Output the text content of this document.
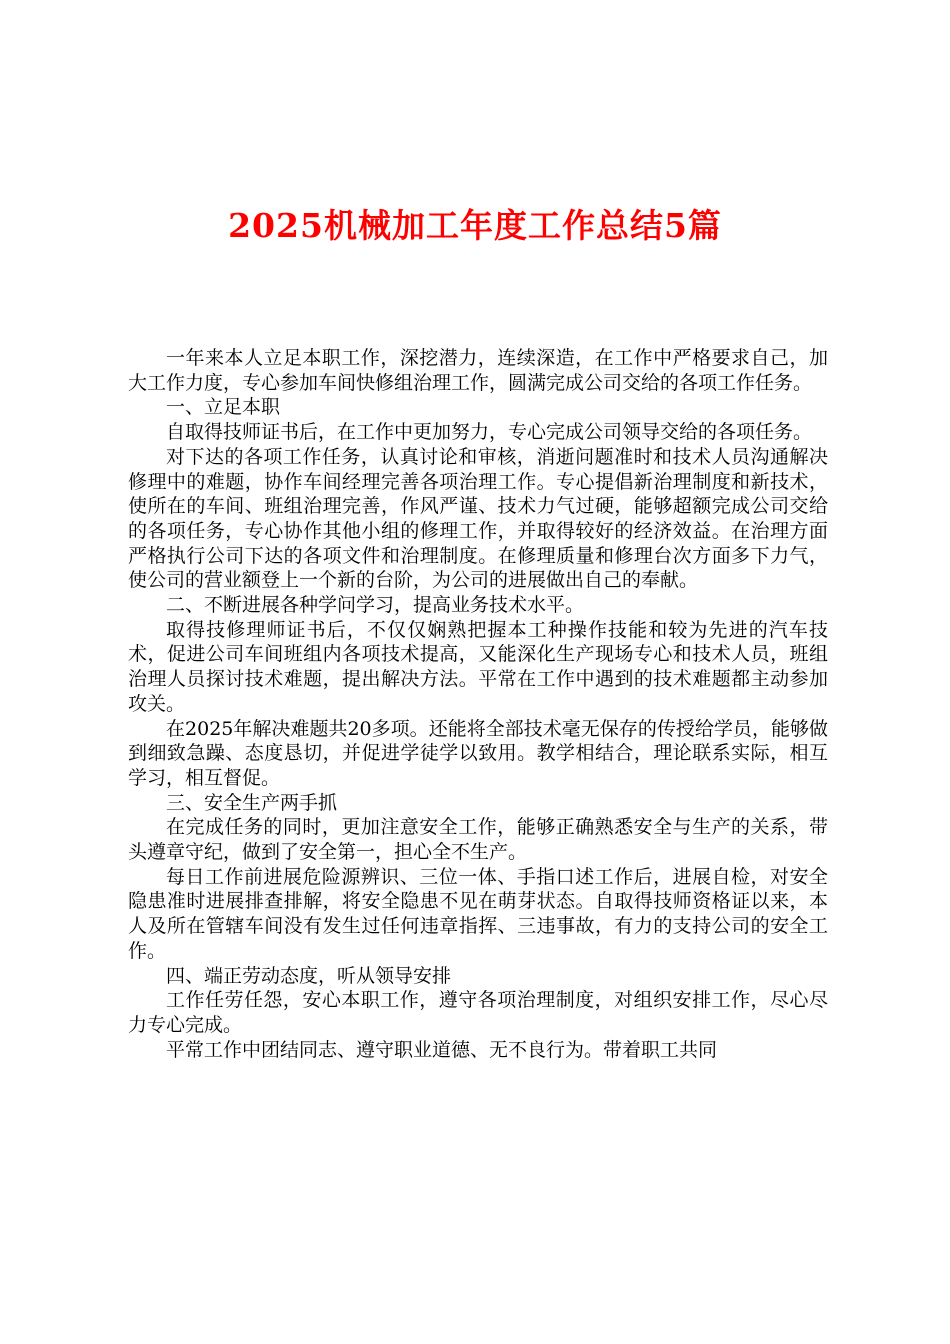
2025机械加工年度工作总结5篇

一年来本人立足本职工作，深挖潜力，连续深造，在工作中严格要求自己，加大工作力度，专心参加车间快修组治理工作，圆满完成公司交给的各项工作任务。

一、立足本职

自取得技师证书后，在工作中更加努力，专心完成公司领导交给的各项任务。

对下达的各项工作任务，认真讨论和审核，消逝问题准时和技术人员沟通解决修理中的难题，协作车间经理完善各项治理工作。专心提倡新治理制度和新技术，使所在的车间、班组治理完善，作风严谨、技术力气过硬，能够超额完成公司交给的各项任务，专心协作其他小组的修理工作，并取得较好的经济效益。在治理方面严格执行公司下达的各项文件和治理制度。在修理质量和修理台次方面多下力气，使公司的营业额登上一个新的台阶，为公司的进展做出自己的奉献。

二、不断进展各种学问学习，提高业务技术水平。

取得技修理师证书后，不仅仅娴熟把握本工种操作技能和较为先进的汽车技术，促进公司车间班组内各项技术提高，又能深化生产现场专心和技术人员，班组治理人员探讨技术难题，提出解决方法。平常在工作中遇到的技术难题都主动参加攻关。

在2025年解决难题共20多项。还能将全部技术毫无保存的传授给学员，能够做到细致急躁、态度恳切，并促进学徒学以致用。教学相结合，理论联系实际，相互学习，相互督促。

三、安全生产两手抓

在完成任务的同时，更加注意安全工作，能够正确熟悉安全与生产的关系，带头遵章守纪，做到了安全第一，担心全不生产。

每日工作前进展危险源辨识、三位一体、手指口述工作后，进展自检，对安全隐患准时进展排查排解，将安全隐患不见在萌芽状态。自取得技师资格证以来，本人及所在管辖车间没有发生过任何违章指挥、三违事故，有力的支持公司的安全工作。

四、端正劳动态度，听从领导安排

工作任劳任怨，安心本职工作，遵守各项治理制度，对组织安排工作，尽心尽力专心完成。

平常工作中团结同志、遵守职业道德、无不良行为。带着职工共同
